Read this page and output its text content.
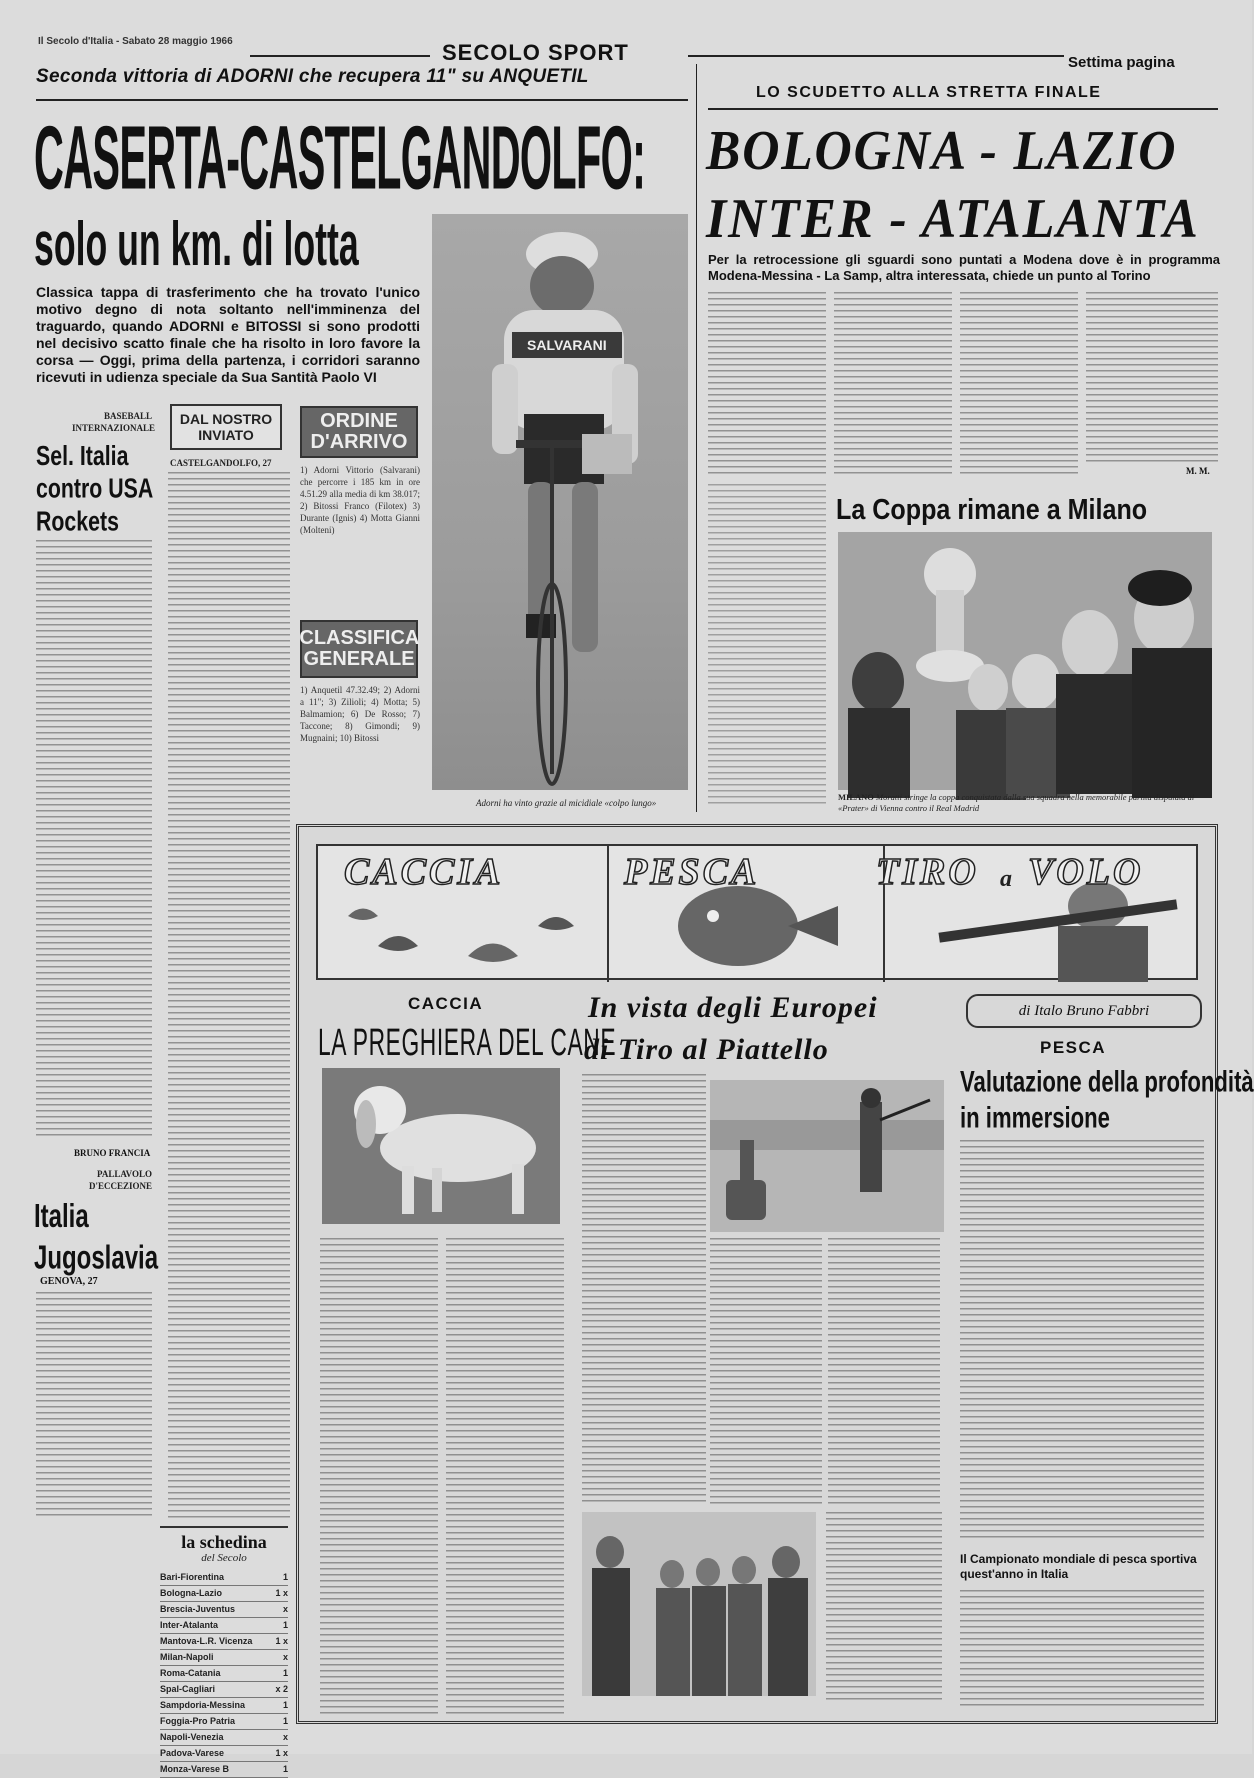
Il Secolo d'Italia - Sabato 28 maggio 1966	SECOLO SPORT	Settima pagina
Seconda vittoria di ADORNI che recupera 11" su ANQUETIL
CASERTA-CASTELGANDOLFO:
solo un km. di lotta
Classica tappa di trasferimento che ha trovato l'unico motivo degno di nota soltanto nell'imminenza del traguardo, quando ADORNI e BITOSSI si sono prodotti nel decisivo scatto finale che ha risolto in loro favore la corsa — Oggi, prima della partenza, i corridori saranno ricevuti in udienza speciale da Sua Santità Paolo VI
SALVARANI
Adorni ha vinto grazie al micidiale «colpo lungo»
BASEBALL INTERNAZIONALE
Sel. Italia contro USA Rockets
BRUNO FRANCIA
PALLAVOLO D'ECCEZIONE
Italia Jugoslavia
GENOVA, 27
DAL NOSTRO INVIATO
CASTELGANDOLFO, 27
ORDINE D'ARRIVO
1) Adorni Vittorio (Salvarani) che percorre i 185 km in ore 4.51.29 alla media di km 38.017; 2) Bitossi Franco (Filotex) 3) Durante (Ignis) 4) Motta Gianni (Molteni)
CLASSIFICA GENERALE
1) Anquetil 47.32.49; 2) Adorni a 11"; 3) Zilioli; 4) Motta; 5) Balmamion; 6) De Rosso; 7) Taccone; 8) Gimondi; 9) Mugnaini; 10) Bitossi
LO SCUDETTO ALLA STRETTA FINALE
BOLOGNA - LAZIO
INTER - ATALANTA
Per la retrocessione gli sguardi sono puntati a Modena dove è in programma Modena-Messina - La Samp, altra interessata, chiede un punto al Torino
M. M.
La Coppa rimane a Milano
MILANO Moratti stringe la coppa conquistata dalla sua squadra nella memorabile partita disputata al «Prater» di Vienna contro il Real Madrid
CACCIA	PESCA	TIRO a VOLO
CACCIA
LA PREGHIERA DEL CANE
In vista degli Europei
di Tiro al Piattello
di Italo Bruno Fabbri
PESCA
Valutazione della profondità
in immersione
Il Campionato mondiale di pesca sportiva quest'anno in Italia
la schedina
del Secolo
Bari-Fiorentina	1
Bologna-Lazio	1 x
Brescia-Juventus	x
Inter-Atalanta	1
Mantova-L.R. Vicenza	1 x
Milan-Napoli	x
Roma-Catania	1
Spal-Cagliari	x 2
Sampdoria-Messina	1
Foggia-Pro Patria	1
Napoli-Venezia	x
Padova-Varese	1 x
Monza-Varese B	1
